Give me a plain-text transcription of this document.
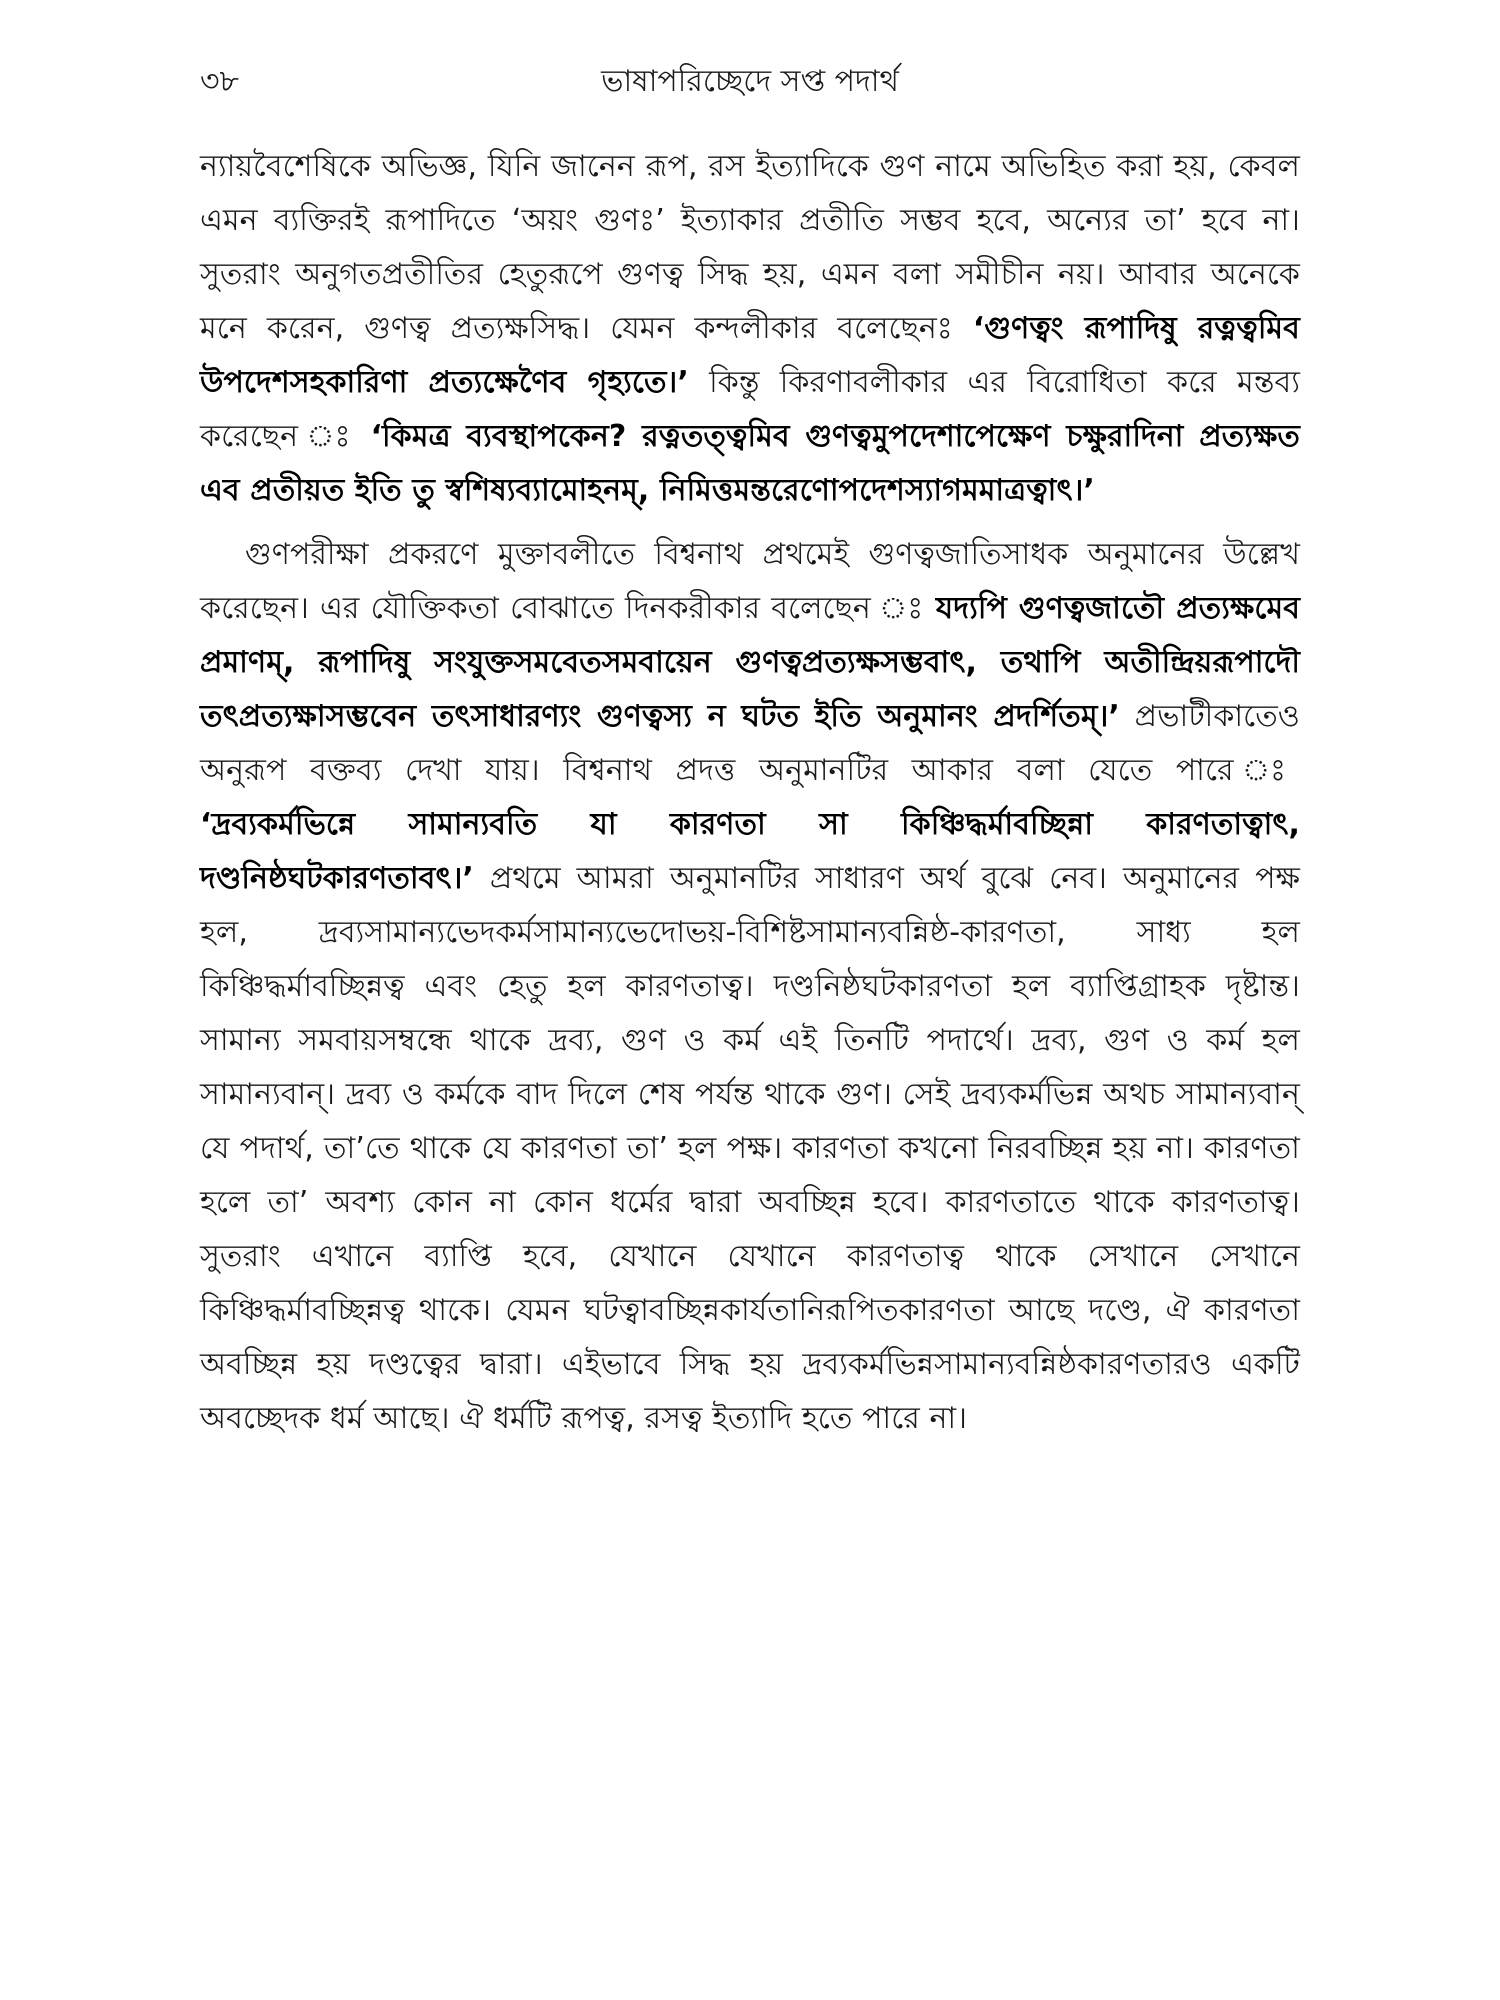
৩৮	ভাষাপরিচ্ছেদে সপ্ত পদার্থ

ন্যায়বৈশেষিকে অভিজ্ঞ, যিনি জানেন রূপ, রস ইত্যাদিকে গুণ নামে অভিহিত করা হয়, কেবল এমন ব্যক্তিরই রূপাদিতে ‘অয়ং গুণঃ’ ইত্যাকার প্রতীতি সম্ভব হবে, অন্যের তা’ হবে না। সুতরাং অনুগতপ্রতীতির হেতুরূপে গুণত্ব সিদ্ধ হয়, এমন বলা সমীচীন নয়। আবার অনেকে মনে করেন, গুণত্ব প্রত্যক্ষসিদ্ধ। যেমন কন্দলীকার বলেছেনঃ ‘গুণত্বং রূপাদিষু রত্নত্বমিব উপদেশসহকারিণা প্রত্যক্ষেণৈব গৃহ্যতে।’ কিন্তু কিরণাবলীকার এর বিরোধিতা করে মন্তব্য করেছেন ঃ ‘কিমত্র ব্যবস্থাপকেন? রত্নতত্ত্বমিব গুণত্বমুপদেশাপেক্ষেণ চক্ষুরাদিনা প্রত্যক্ষত এব প্রতীয়ত ইতি তু স্বশিষ্যব্যামোহনম্, নিমিত্তমন্তরেণোপদেশস্যাগমমাত্রত্বাৎ।’

গুণপরীক্ষা প্রকরণে মুক্তাবলীতে বিশ্বনাথ প্রথমেই গুণত্বজাতিসাধক অনুমানের উল্লেখ করেছেন। এর যৌক্তিকতা বোঝাতে দিনকরীকার বলেছেন ঃ যদ্যপি গুণত্বজাতৌ প্রত্যক্ষমেব প্রমাণম্, রূপাদিষু সংযুক্তসমবেতসমবায়েন গুণত্বপ্রত্যক্ষসম্ভবাৎ, তথাপি অতীন্দ্রিয়রূপাদৌ তৎপ্রত্যক্ষাসম্ভবেন তৎসাধারণ্যং গুণত্বস্য ন ঘটত ইতি অনুমানং প্রদর্শিতম্।’ প্রভাটীকাতেও অনুরূপ বক্তব্য দেখা যায়। বিশ্বনাথ প্রদত্ত অনুমানটির আকার বলা যেতে পারে ঃ ‘দ্রব্যকর্মভিন্নে সামান্যবতি যা কারণতা সা কিঞ্চিদ্ধর্মাবচ্ছিন্না কারণতাত্বাৎ, দণ্ডনিষ্ঠঘটকারণতাবৎ।’ প্রথমে আমরা অনুমানটির সাধারণ অর্থ বুঝে নেব। অনুমানের পক্ষ হল, দ্রব্যসামান্যভেদকর্মসামান্যভেদোভয়-বিশিষ্টসামান্যবন্নিষ্ঠ-কারণতা, সাধ্য হল কিঞ্চিদ্ধর্মাবচ্ছিন্নত্ব এবং হেতু হল কারণতাত্ব। দণ্ডনিষ্ঠঘটকারণতা হল ব্যাপ্তিগ্রাহক দৃষ্টান্ত। সামান্য সমবায়সম্বন্ধে থাকে দ্রব্য, গুণ ও কর্ম এই তিনটি পদার্থে। দ্রব্য, গুণ ও কর্ম হল সামান্যবান্। দ্রব্য ও কর্মকে বাদ দিলে শেষ পর্যন্ত থাকে গুণ। সেই দ্রব্যকর্মভিন্ন অথচ সামান্যবান্ যে পদার্থ, তা’তে থাকে যে কারণতা তা’ হল পক্ষ। কারণতা কখনো নিরবচ্ছিন্ন হয় না। কারণতা হলে তা’ অবশ্য কোন না কোন ধর্মের দ্বারা অবচ্ছিন্ন হবে। কারণতাতে থাকে কারণতাত্ব। সুতরাং এখানে ব্যাপ্তি হবে, যেখানে যেখানে কারণতাত্ব থাকে সেখানে সেখানে কিঞ্চিদ্ধর্মাবচ্ছিন্নত্ব থাকে। যেমন ঘটত্বাবচ্ছিন্নকার্যতানিরূপিতকারণতা আছে দণ্ডে, ঐ কারণতা অবচ্ছিন্ন হয় দণ্ডত্বের দ্বারা। এইভাবে সিদ্ধ হয় দ্রব্যকর্মভিন্নসামান্যবন্নিষ্ঠকারণতারও একটি অবচ্ছেদক ধর্ম আছে। ঐ ধর্মটি রূপত্ব, রসত্ব ইত্যাদি হতে পারে না।
